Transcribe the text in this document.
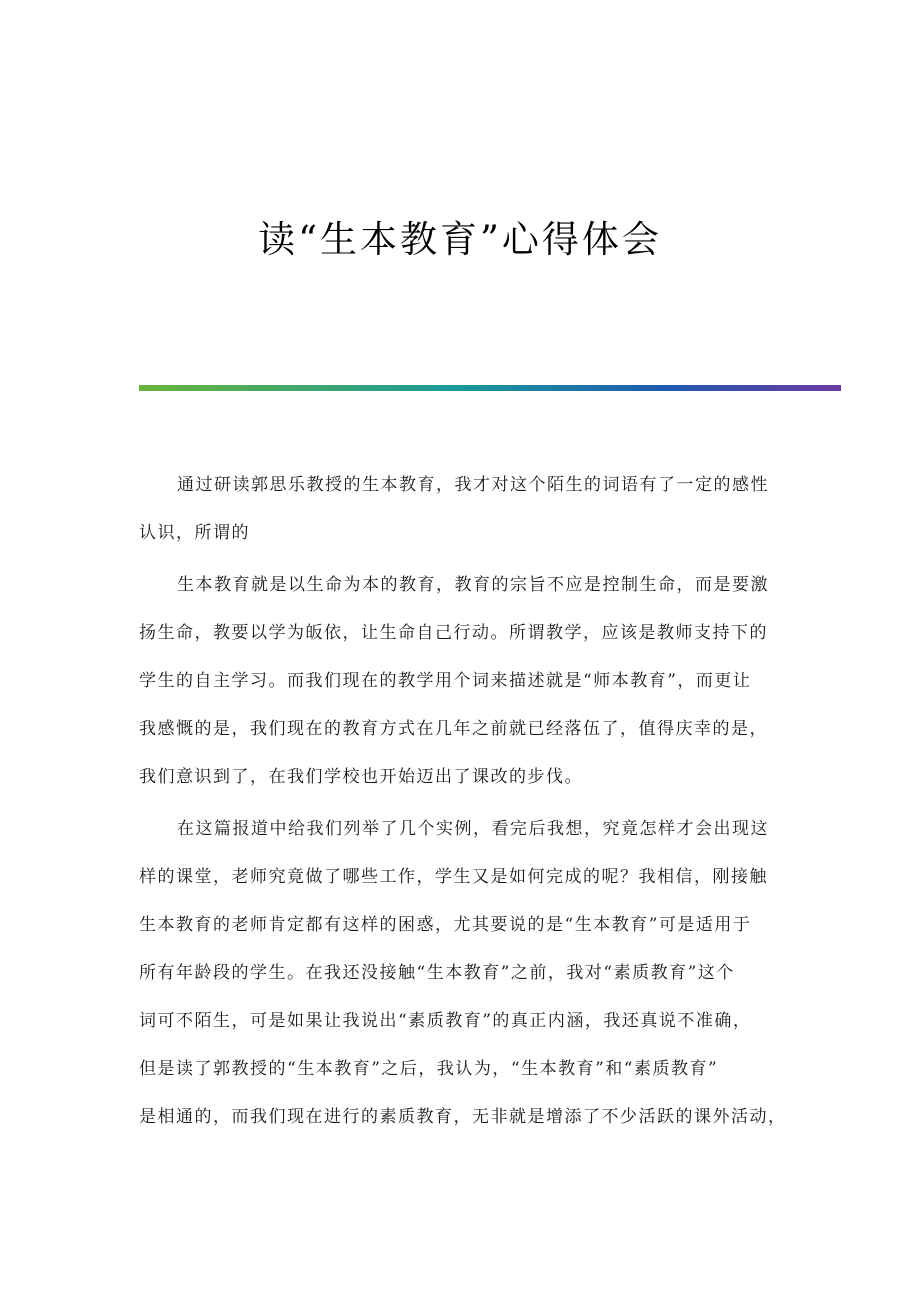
读“生本教育”心得体会

通过研读郭思乐教授的生本教育，我才对这个陌生的词语有了一定的感性
认识，所谓的

生本教育就是以生命为本的教育，教育的宗旨不应是控制生命，而是要激
扬生命，教要以学为皈依，让生命自己行动。所谓教学，应该是教师支持下的
学生的自主学习。而我们现在的教学用个词来描述就是“师本教育”，而更让
我感慨的是，我们现在的教育方式在几年之前就已经落伍了，值得庆幸的是，
我们意识到了，在我们学校也开始迈出了课改的步伐。

在这篇报道中给我们列举了几个实例，看完后我想，究竟怎样才会出现这
样的课堂，老师究竟做了哪些工作，学生又是如何完成的呢？我相信，刚接触
生本教育的老师肯定都有这样的困惑，尤其要说的是“生本教育”可是适用于
所有年龄段的学生。在我还没接触“生本教育”之前，我对“素质教育”这个
词可不陌生，可是如果让我说出“素质教育”的真正内涵，我还真说不准确，
但是读了郭教授的“生本教育”之后，我认为，“生本教育”和“素质教育”
是相通的，而我们现在进行的素质教育，无非就是增添了不少活跃的课外活动，
